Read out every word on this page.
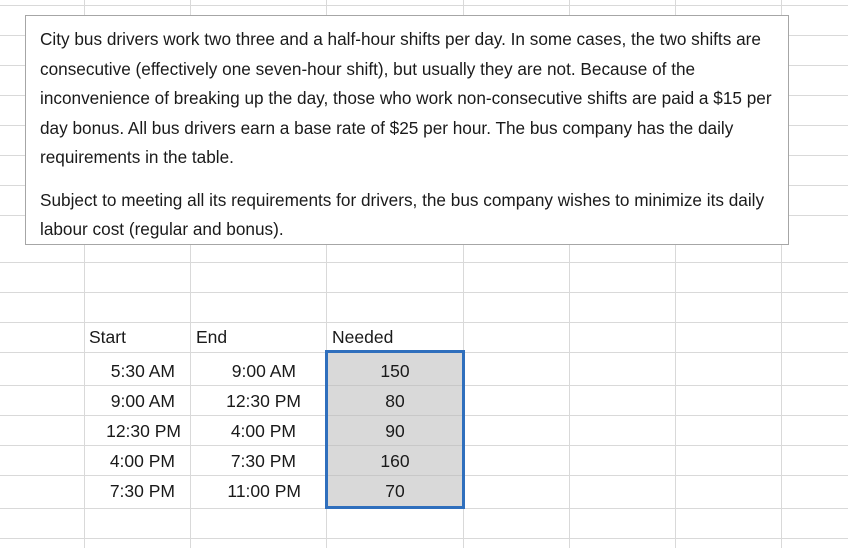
City bus drivers work two three and a half-hour shifts per day. In some cases, the two shifts are consecutive (effectively one seven-hour shift), but usually they are not. Because of the inconvenience of breaking up the day, those who work non-consecutive shifts are paid a $15 per day bonus. All bus drivers earn a base rate of $25 per hour. The bus company has the daily requirements in the table.

Subject to meeting all its requirements for drivers, the bus company wishes to minimize its daily labour cost (regular and bonus).

Start	End	Needed
5:30 AM	9:00 AM	150
9:00 AM	12:30 PM	80
12:30 PM	4:00 PM	90
4:00 PM	7:30 PM	160
7:30 PM	11:00 PM	70
